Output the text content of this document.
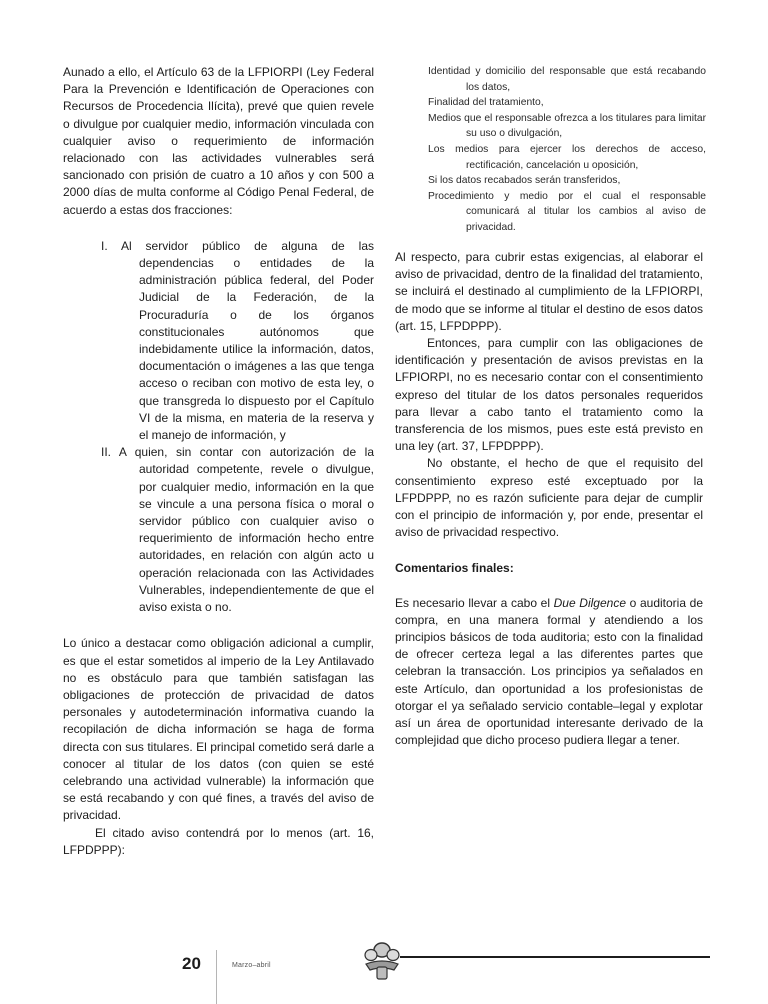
Aunado a ello, el Artículo 63 de la LFPIORPI (Ley Federal Para la Prevención e Identificación de Operaciones con Recursos de Procedencia Ilícita), prevé que quien revele o divulgue por cualquier medio, información vinculada con cualquier aviso o requerimiento de información relacionado con las actividades vulnerables será sancionado con prisión de cuatro a 10 años y con 500 a 2000 días de multa conforme al Código Penal Federal, de acuerdo a estas dos fracciones:

I. Al servidor público de alguna de las dependencias o entidades de la administración pública federal, del Poder Judicial de la Federación, de la Procuraduría o de los órganos constitucionales autónomos que indebidamente utilice la información, datos, documentación o imágenes a las que tenga acceso o reciban con motivo de esta ley, o que transgreda lo dispuesto por el Capítulo VI de la misma, en materia de la reserva y el manejo de información, y

II. A quien, sin contar con autorización de la autoridad competente, revele o divulgue, por cualquier medio, información en la que se vincule a una persona física o moral o servidor público con cualquier aviso o requerimiento de información hecho entre autoridades, en relación con algún acto u operación relacionada con las Actividades Vulnerables, independientemente de que el aviso exista o no.

Lo único a destacar como obligación adicional a cumplir, es que el estar sometidos al imperio de la Ley Antilavado no es obstáculo para que también satisfagan las obligaciones de protección de privacidad de datos personales y autodeterminación informativa cuando la recopilación de dicha información se haga de forma directa con sus titulares. El principal cometido será darle a conocer al titular de los datos (con quien se esté celebrando una actividad vulnerable) la información que se está recabando y con qué fines, a través del aviso de privacidad.

El citado aviso contendrá por lo menos (art. 16, LFPDPPP):

Identidad y domicilio del responsable que está recabando los datos,
Finalidad del tratamiento,
Medios que el responsable ofrezca a los titulares para limitar su uso o divulgación,
Los medios para ejercer los derechos de acceso, rectificación, cancelación u oposición,
Si los datos recabados serán transferidos,
Procedimiento y medio por el cual el responsable comunicará al titular los cambios al aviso de privacidad.

Al respecto, para cubrir estas exigencias, al elaborar el aviso de privacidad, dentro de la finalidad del tratamiento, se incluirá el destinado al cumplimiento de la LFPIORPI, de modo que se informe al titular el destino de esos datos (art. 15, LFPDPPP).

Entonces, para cumplir con las obligaciones de identificación y presentación de avisos previstas en la LFPIORPI, no es necesario contar con el consentimiento expreso del titular de los datos personales requeridos para llevar a cabo tanto el tratamiento como la transferencia de los mismos, pues este está previsto en una ley (art. 37, LFPDPPP).

No obstante, el hecho de que el requisito del consentimiento expreso esté exceptuado por la LFPDPPP, no es razón suficiente para dejar de cumplir con el principio de información y, por ende, presentar el aviso de privacidad respectivo.

Comentarios finales:

Es necesario llevar a cabo el Due Dilgence o auditoria de compra, en una manera formal y atendiendo a los principios básicos de toda auditoria; esto con la finalidad de ofrecer certeza legal a las diferentes partes que celebran la transacción. Los principios ya señalados en este Artículo, dan oportunidad a los profesionistas de otorgar el ya señalado servicio contable–legal y explotar así un área de oportunidad interesante derivado de la complejidad que dicho proceso pudiera llegar a tener.

20	Marzo–abril
